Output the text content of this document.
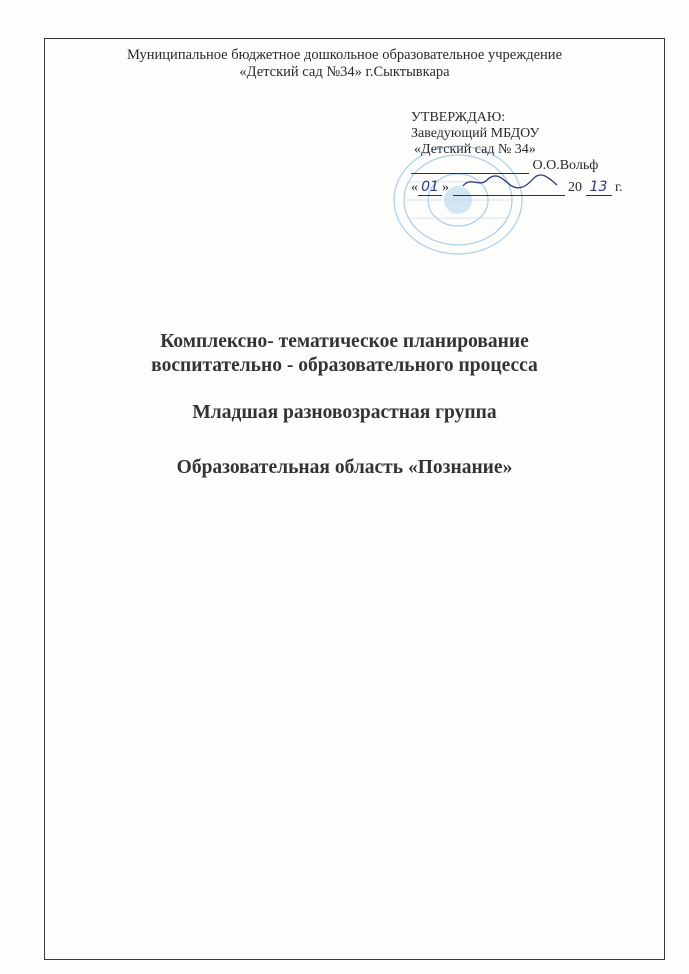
Муниципальное бюджетное дошкольное образовательное учреждение
«Детский сад №34» г.Сыктывкара
УТВЕРЖДАЮ:
Заведующий МБДОУ
«Детский сад № 34»
О.О.Вольф
« 01 »	20 13 г.
Комплексно- тематическое планирование
воспитательно - образовательного процесса
Младшая разновозрастная группа
Образовательная область «Познание»
